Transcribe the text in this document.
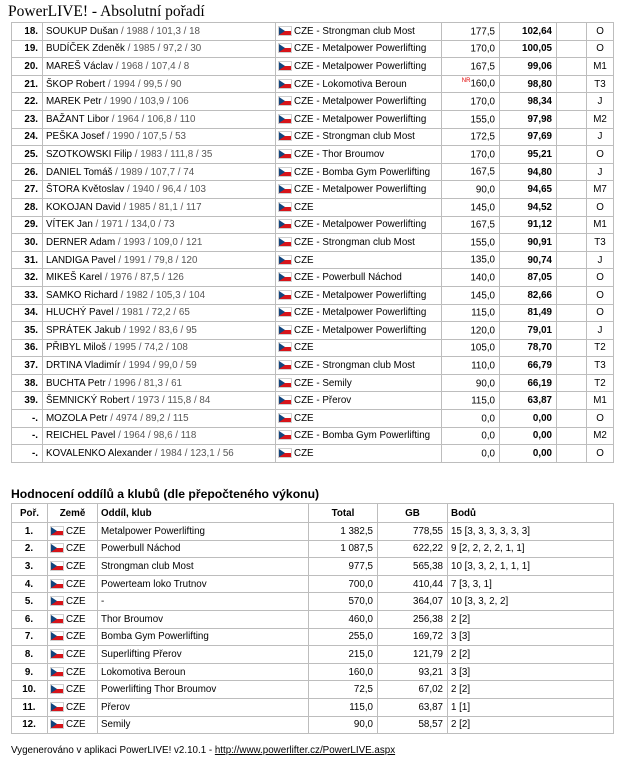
PowerLIVE! - Absolutní pořadí
18.	SOUKUP Dušan / 1988 / 101,3 / 18	CZE - Strongman club Most	177,5	102,64		O
19.	BUDÍČEK Zdeněk / 1985 / 97,2 / 30	CZE - Metalpower Powerlifting	170,0	100,05		O
20.	MAREŠ Václav / 1968 / 107,4 / 8	CZE - Metalpower Powerlifting	167,5	99,06		M1
21.	ŠKOP Robert / 1994 / 99,5 / 90	CZE - Lokomotiva Beroun	$^{NR}$160,0	98,80		T3
22.	MAREK Petr / 1990 / 103,9 / 106	CZE - Metalpower Powerlifting	170,0	98,34		J
23.	BAŽANT Libor / 1964 / 106,8 / 110	CZE - Metalpower Powerlifting	155,0	97,98		M2
24.	PEŠKA Josef / 1990 / 107,5 / 53	CZE - Strongman club Most	172,5	97,69		J
25.	SZOTKOWSKI Filip / 1983 / 111,8 / 35	CZE - Thor Broumov	170,0	95,21		O
26.	DANIEL Tomáš / 1989 / 107,7 / 74	CZE - Bomba Gym Powerlifting	167,5	94,80		J
27.	ŠTORA Květoslav / 1940 / 96,4 / 103	CZE - Metalpower Powerlifting	90,0	94,65		M7
28.	KOKOJAN David / 1985 / 81,1 / 117	CZE	145,0	94,52		O
29.	VÍTEK Jan / 1971 / 134,0 / 73	CZE - Metalpower Powerlifting	167,5	91,12		M1
30.	DERNER Adam / 1993 / 109,0 / 121	CZE - Strongman club Most	155,0	90,91		T3
31.	LANDIGA Pavel / 1991 / 79,8 / 120	CZE	135,0	90,74		J
32.	MIKEŠ Karel / 1976 / 87,5 / 126	CZE - Powerbull Náchod	140,0	87,05		O
33.	SAMKO Richard / 1982 / 105,3 / 104	CZE - Metalpower Powerlifting	145,0	82,66		O
34.	HLUCHÝ Pavel / 1981 / 72,2 / 65	CZE - Metalpower Powerlifting	115,0	81,49		O
35.	SPRÁTEK Jakub / 1992 / 83,6 / 95	CZE - Metalpower Powerlifting	120,0	79,01		J
36.	PŘIBYL Miloš / 1995 / 74,2 / 108	CZE	105,0	78,70		T2
37.	DRTINA Vladimír / 1994 / 99,0 / 59	CZE - Strongman club Most	110,0	66,79		T3
38.	BUCHTA Petr / 1996 / 81,3 / 61	CZE - Semily	90,0	66,19		T2
39.	ŠEMNICKÝ Robert / 1973 / 115,8 / 84	CZE - Přerov	115,0	63,87		M1
-.	MOZOLA Petr / 4974 / 89,2 / 115	CZE	0,0	0,00		O
-.	REICHEL Pavel / 1964 / 98,6 / 118	CZE - Bomba Gym Powerlifting	0,0	0,00		M2
-.	KOVALENKO Alexander / 1984 / 123,1 / 56	CZE	0,0	0,00		O
Hodnocení oddílů a klubů (dle přepočteného výkonu)
Poř.	Země	Oddíl, klub	Total	GB	Bodů
1.	CZE	Metalpower Powerlifting	1 382,5	778,55	15 [3, 3, 3, 3, 3, 3]
2.	CZE	Powerbull Náchod	1 087,5	622,22	9 [2, 2, 2, 2, 1, 1]
3.	CZE	Strongman club Most	977,5	565,38	10 [3, 3, 2, 1, 1, 1]
4.	CZE	Powerteam loko Trutnov	700,0	410,44	7 [3, 3, 1]
5.	CZE	-	570,0	364,07	10 [3, 3, 2, 2]
6.	CZE	Thor Broumov	460,0	256,38	2 [2]
7.	CZE	Bomba Gym Powerlifting	255,0	169,72	3 [3]
8.	CZE	Superlifting Přerov	215,0	121,79	2 [2]
9.	CZE	Lokomotiva Beroun	160,0	93,21	3 [3]
10.	CZE	Powerlifting Thor Broumov	72,5	67,02	2 [2]
11.	CZE	Přerov	115,0	63,87	1 [1]
12.	CZE	Semily	90,0	58,57	2 [2]
Vygenerováno v aplikaci PowerLIVE! v2.10.1 - http://www.powerlifter.cz/PowerLIVE.aspx
